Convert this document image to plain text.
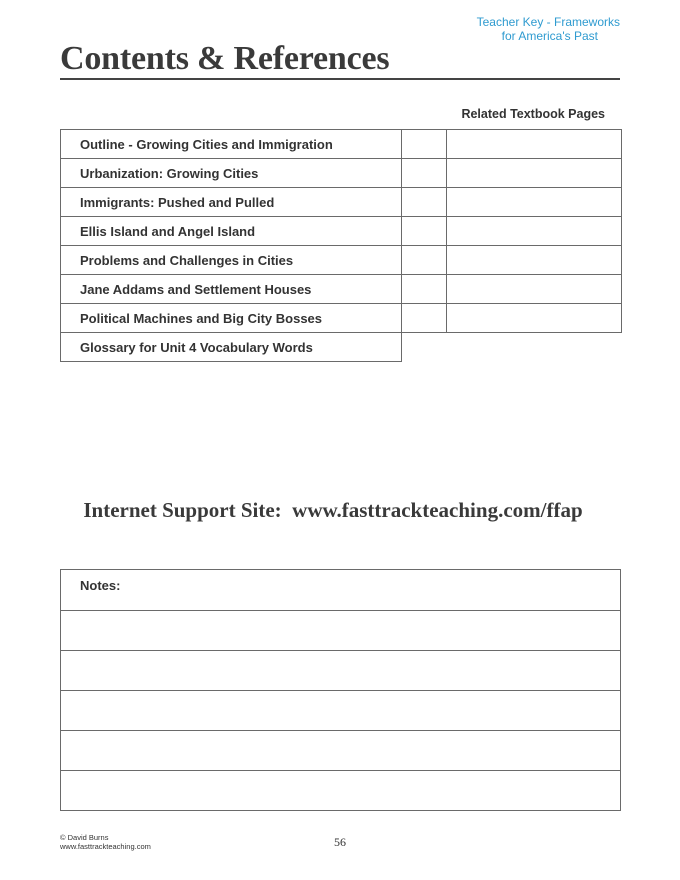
Teacher Key - Frameworks
for America's Past
Contents & References
Related Textbook Pages
Outline - Growing Cities and Immigration		
Urbanization: Growing Cities		
Immigrants: Pushed and Pulled		
Ellis Island and Angel Island		
Problems and Challenges in Cities		
Jane Addams and Settlement Houses		
Political Machines and Big City Bosses		
Glossary for Unit 4 Vocabulary Words		
Internet Support Site:  www.fasttrackteaching.com/ffap
Notes:
© David Burns
www.fasttrackteaching.com	56
